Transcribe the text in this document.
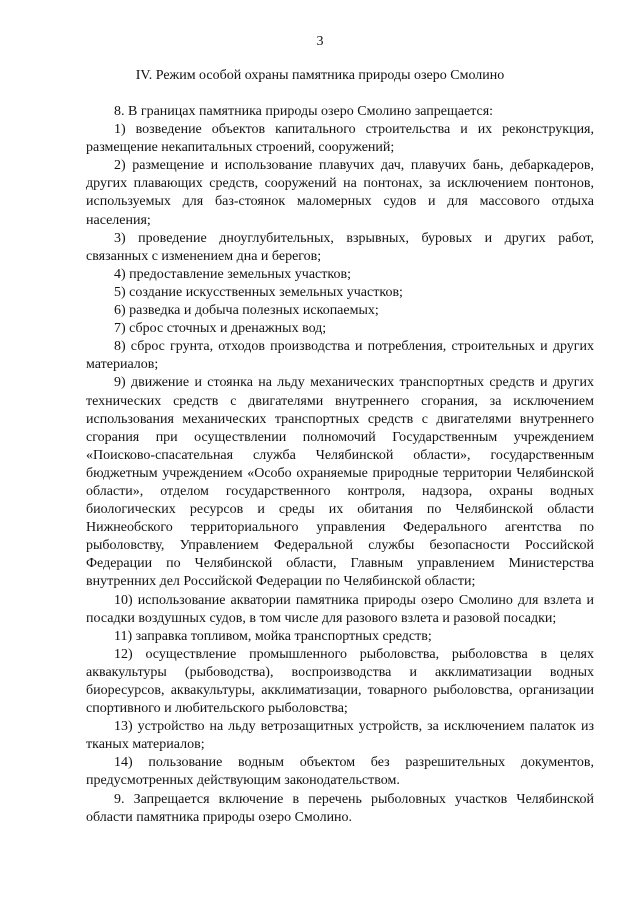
3
IV. Режим особой охраны памятника природы озеро Смолино

8. В границах памятника природы озеро Смолино запрещается:

1) возведение объектов капитального строительства и их реконструкция, размещение некапитальных строений, сооружений;

2) размещение и использование плавучих дач, плавучих бань, дебаркадеров, других плавающих средств, сооружений на понтонах, за исключением понтонов, используемых для баз-стоянок маломерных судов и для массового отдыха населения;

3) проведение дноуглубительных, взрывных, буровых и других работ, связанных с изменением дна и берегов;

4) предоставление земельных участков;

5) создание искусственных земельных участков;

6) разведка и добыча полезных ископаемых;

7) сброс сточных и дренажных вод;

8) сброс грунта, отходов производства и потребления, строительных и других материалов;

9) движение и стоянка на льду механических транспортных средств и других технических средств с двигателями внутреннего сгорания, за исключением использования механических транспортных средств с двигателями внутреннего сгорания при осуществлении полномочий Государственным учреждением «Поисково-спасательная служба Челябинской области», государственным бюджетным учреждением «Особо охраняемые природные территории Челябинской области», отделом государственного контроля, надзора, охраны водных биологических ресурсов и среды их обитания по Челябинской области Нижнеобского территориального управления Федерального агентства по рыболовству, Управлением Федеральной службы безопасности Российской Федерации по Челябинской области, Главным управлением Министерства внутренних дел Российской Федерации по Челябинской области;

10) использование акватории памятника природы озеро Смолино для взлета и посадки воздушных судов, в том числе для разового взлета и разовой посадки;

11) заправка топливом, мойка транспортных средств;

12) осуществление промышленного рыболовства, рыболовства в целях аквакультуры (рыбоводства), воспроизводства и акклиматизации водных биоресурсов, аквакультуры, акклиматизации, товарного рыболовства, организации спортивного и любительского рыболовства;

13) устройство на льду ветрозащитных устройств, за исключением палаток из тканых материалов;

14) пользование водным объектом без разрешительных документов, предусмотренных действующим законодательством.

9. Запрещается включение в перечень рыболовных участков Челябинской области памятника природы озеро Смолино.
